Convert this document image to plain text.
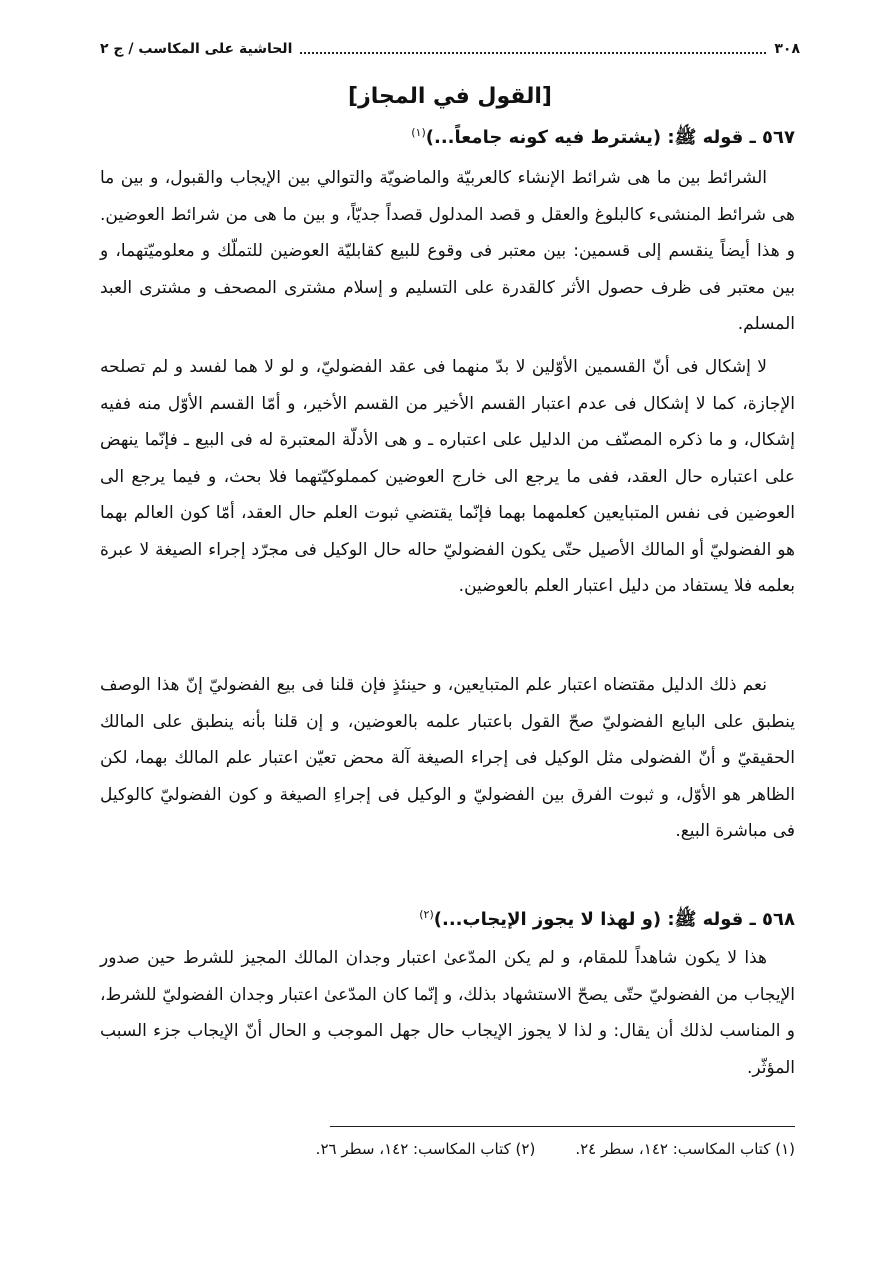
٣٠٨
الحاشية على المكاسب / ج ٢
[القول في المجاز]
٥٦٧ ـ قوله ﷺ: (يشترط فيه كونه جامعاً...)$^{(١)}$
الشرائط بين ما هى شرائط الإنشاء كالعربيّة والماضويّة والتوالي بين الإيجاب والقبول، و بين ما هى شرائط المنشىء كالبلوغ والعقل و قصد المدلول قصداً جديّاً، و بين ما هى من شرائط العوضين. و هذا أيضاً ينقسم إلى قسمين: بين معتبر فى وقوع للبيع كقابليّة العوضين للتملّك و معلوميّتهما، و بين معتبر فى ظرف حصول الأثر كالقدرة على التسليم و إسلام مشترى المصحف و مشترى العبد المسلم.
لا إشكال فى أنّ القسمين الأوّلين لا بدّ منهما فى عقد الفضوليّ، و لو لا هما لفسد و لم تصلحه الإجازة، كما لا إشكال فى عدم اعتبار القسم الأخير من القسم الأخير، و أمّا القسم الأوّل منه ففيه إشكال، و ما ذكره المصنّف من الدليل على اعتباره ـ و هى الأدلّة المعتبرة له فى البيع ـ فإنّما ينهض على اعتباره حال العقد، ففى ما يرجع الى خارج العوضين كمملوكيّتهما فلا بحث، و فيما يرجع الى العوضين فى نفس المتبايعين كعلمهما بهما فإنّما يقتضي ثبوت العلم حال العقد، أمّا كون العالم بهما هو الفضوليّ أو المالك الأصيل حتّى يكون الفضوليّ حاله حال الوكيل فى مجرّد إجراء الصيغة لا عبرة بعلمه فلا يستفاد من دليل اعتبار العلم بالعوضين.
نعم ذلك الدليل مقتضاه اعتبار علم المتبايعين، و حينئذٍ فإن قلنا فى بيع الفضوليّ إنّ هذا الوصف ينطبق على البايع الفضوليّ صحّ القول باعتبار علمه بالعوضين، و إن قلنا بأنه ينطبق على المالك الحقيقيّ و أنّ الفضولى مثل الوكيل فى إجراء الصيغة آلة محض تعيّن اعتبار علم المالك بهما، لكن الظاهر هو الأوّل، و ثبوت الفرق بين الفضوليّ و الوكيل فى إجراءِ الصيغة و كون الفضوليّ كالوكيل فى مباشرة البيع.
٥٦٨ ـ قوله ﷺ: (و لهذا لا يجوز الإيجاب...)$^{(٢)}$
هذا لا يكون شاهداً للمقام، و لم يكن المدّعىٰ اعتبار وجدان المالك المجيز للشرط حين صدور الإيجاب من الفضوليّ حتّى يصحّ الاستشهاد بذلك، و إنّما كان المدّعىٰ اعتبار وجدان الفضوليّ للشرط، و المناسب لذلك أن يقال: و لذا لا يجوز الإيجاب حال جهل الموجب و الحال أنّ الإيجاب جزء السبب المؤثّر.
(١) كتاب المكاسب: ١٤٢، سطر ٢٤.
(٢) كتاب المكاسب: ١٤٢، سطر ٢٦.
